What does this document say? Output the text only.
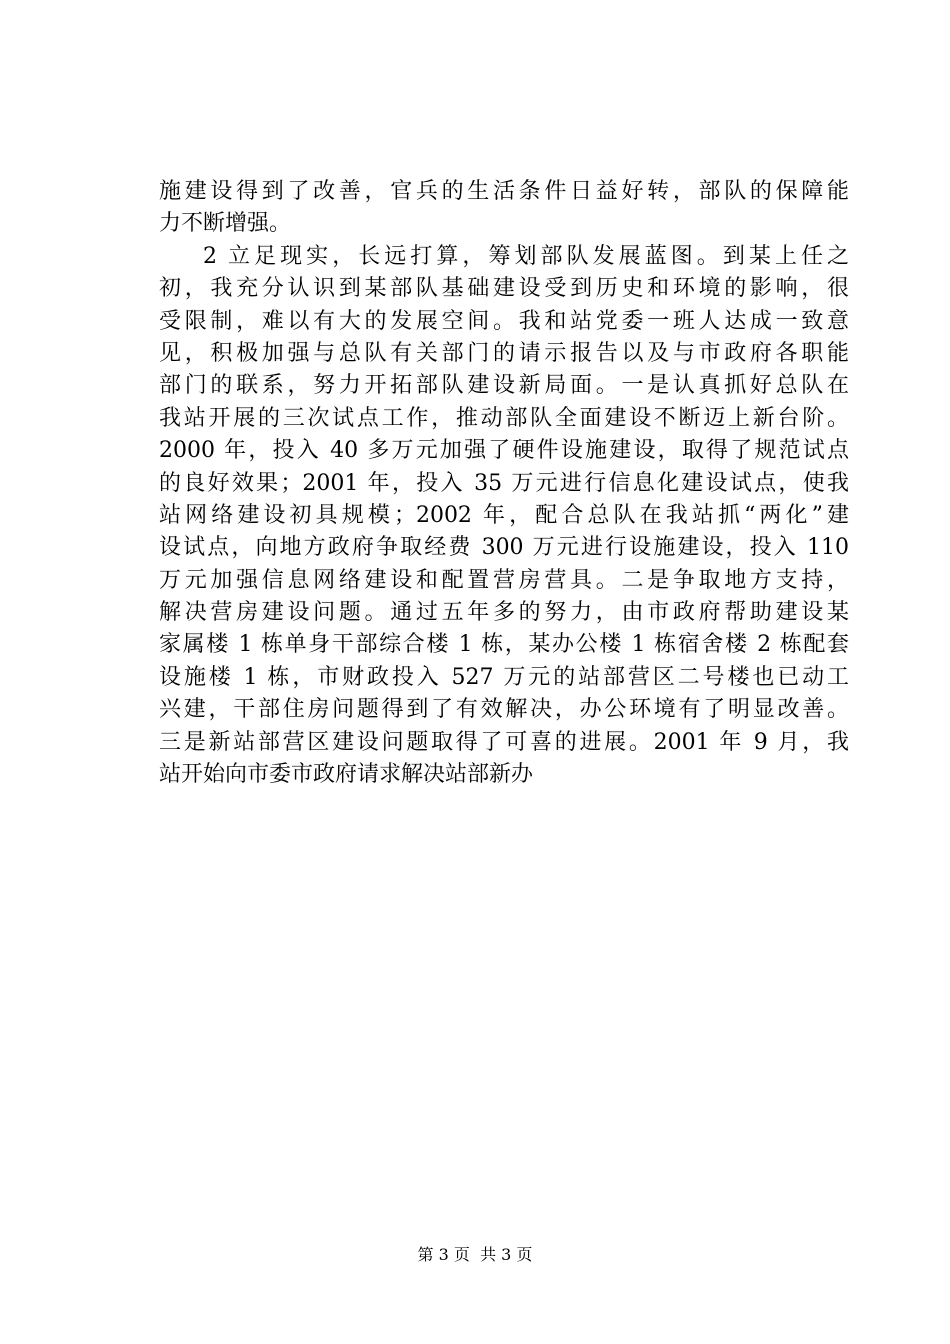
施建设得到了改善，官兵的生活条件日益好转，部队的保障能
力不断增强。
2 立足现实，长远打算，筹划部队发展蓝图。到某上任之
初，我充分认识到某部队基础建设受到历史和环境的影响，很
受限制，难以有大的发展空间。我和站党委一班人达成一致意
见，积极加强与总队有关部门的请示报告以及与市政府各职能
部门的联系，努力开拓部队建设新局面。一是认真抓好总队在
我站开展的三次试点工作，推动部队全面建设不断迈上新台阶。
2000 年，投入 40 多万元加强了硬件设施建设，取得了规范试点
的良好效果；2001 年，投入 35 万元进行信息化建设试点，使我
站网络建设初具规模；2002 年，配合总队在我站抓“两化”建
设试点，向地方政府争取经费 300 万元进行设施建设，投入 110
万元加强信息网络建设和配置营房营具。二是争取地方支持，
解决营房建设问题。通过五年多的努力，由市政府帮助建设某
家属楼 1 栋单身干部综合楼 1 栋，某办公楼 1 栋宿舍楼 2 栋配套
设施楼 1 栋，市财政投入 527 万元的站部营区二号楼也已动工
兴建，干部住房问题得到了有效解决，办公环境有了明显改善。
三是新站部营区建设问题取得了可喜的进展。2001 年 9 月，我
站开始向市委市政府请求解决站部新办
第 3 页  共 3 页
